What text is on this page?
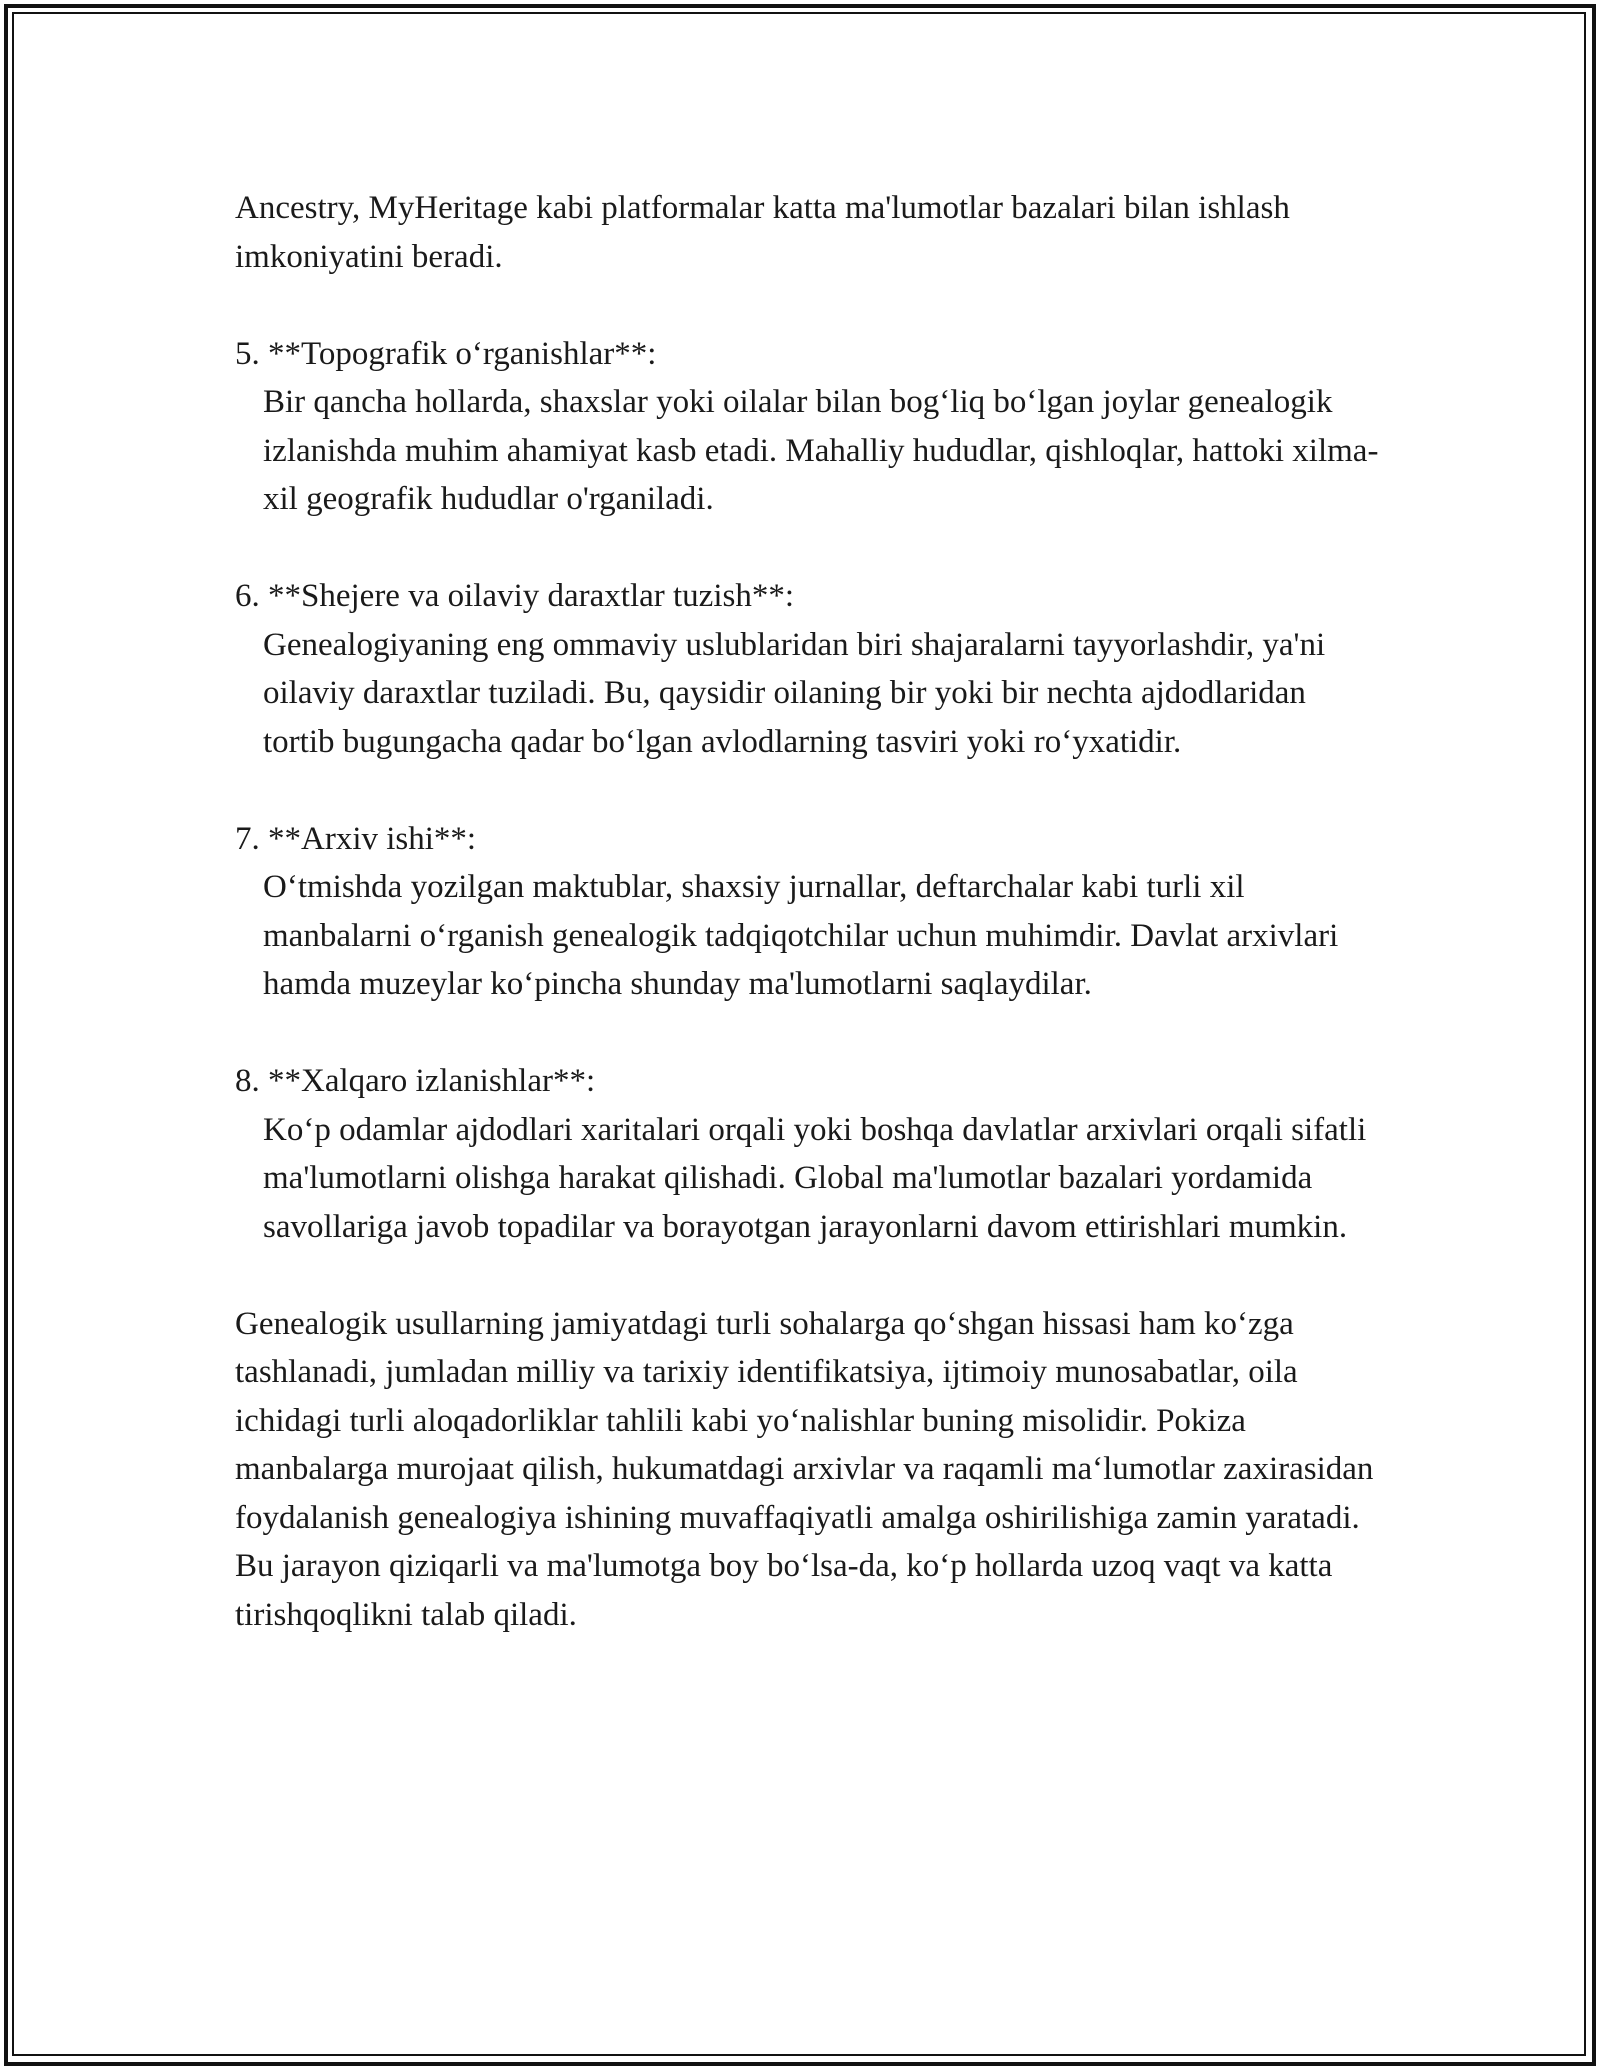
Ancestry, MyHeritage kabi platformalar katta ma'lumotlar bazalari bilan ishlash imkoniyatini beradi.

5. **Topografik o‘rganishlar**:

Bir qancha hollarda, shaxslar yoki oilalar bilan bog‘liq bo‘lgan joylar genealogik izlanishda muhim ahamiyat kasb etadi. Mahalliy hududlar, qishloqlar, hattoki xilma-xil geografik hududlar o'rganiladi.

6. **Shejere va oilaviy daraxtlar tuzish**:

Genealogiyaning eng ommaviy uslublaridan biri shajaralarni tayyorlashdir, ya'ni oilaviy daraxtlar tuziladi. Bu, qaysidir oilaning bir yoki bir nechta ajdodlaridan tortib bugungacha qadar bo‘lgan avlodlarning tasviri yoki ro‘yxatidir.

7. **Arxiv ishi**:

O‘tmishda yozilgan maktublar, shaxsiy jurnallar, deftarchalar kabi turli xil manbalarni o‘rganish genealogik tadqiqotchilar uchun muhimdir. Davlat arxivlari hamda muzeylar ko‘pincha shunday ma'lumotlarni saqlaydilar.

8. **Xalqaro izlanishlar**:

Ko‘p odamlar ajdodlari xaritalari orqali yoki boshqa davlatlar arxivlari orqali sifatli ma'lumotlarni olishga harakat qilishadi. Global ma'lumotlar bazalari yordamida savollariga javob topadilar va borayotgan jarayonlarni davom ettirishlari mumkin.

Genealogik usullarning jamiyatdagi turli sohalarga qo‘shgan hissasi ham ko‘zga tashlanadi, jumladan milliy va tarixiy identifikatsiya, ijtimoiy munosabatlar, oila ichidagi turli aloqadorliklar tahlili kabi yo‘nalishlar buning misolidir. Pokiza manbalarga murojaat qilish, hukumatdagi arxivlar va raqamli ma‘lumotlar zaxirasidan foydalanish genealogiya ishining muvaffaqiyatli amalga oshirilishiga zamin yaratadi. Bu jarayon qiziqarli va ma'lumotga boy bo‘lsa-da, ko‘p hollarda uzoq vaqt va katta tirishqoqlikni talab qiladi.
